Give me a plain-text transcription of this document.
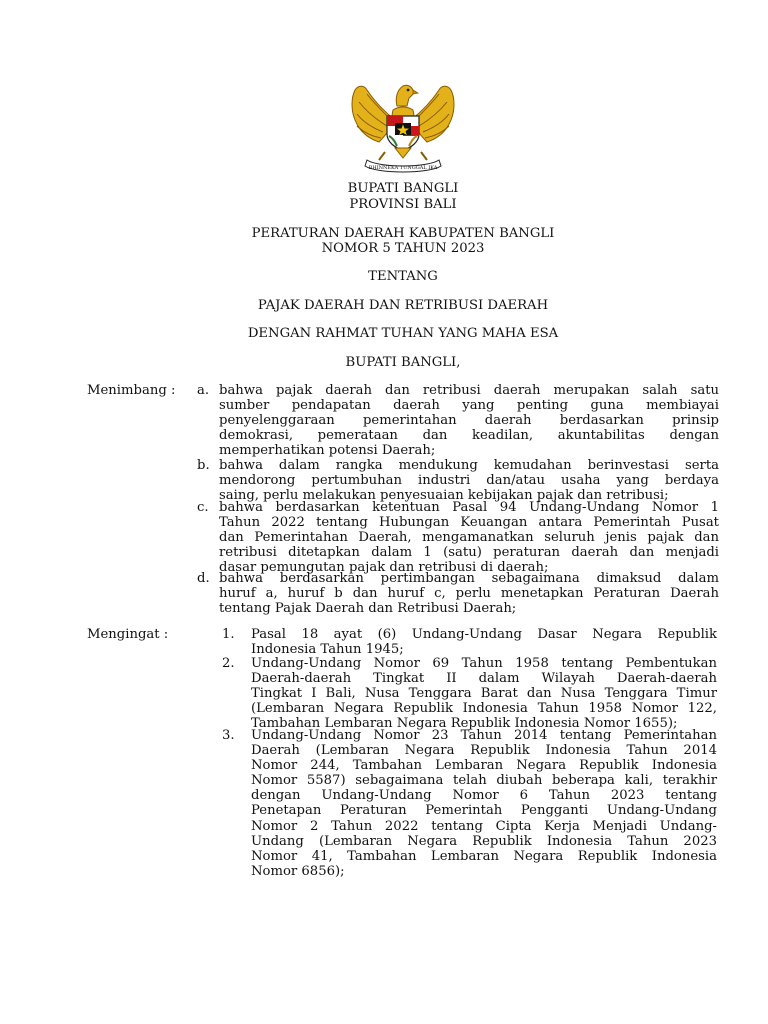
BHINNEKA TUNGGAL IKA
BUPATI BANGLI
PROVINSI BALI
PERATURAN DAERAH KABUPATEN BANGLI
NOMOR 5 TAHUN 2023
TENTANG
PAJAK DAERAH DAN RETRIBUSI DAERAH
DENGAN RAHMAT TUHAN YANG MAHA ESA
BUPATI BANGLI,
Menimbang : a. bahwa pajak daerah dan retribusi daerah merupakan salah satu
sumber pendapatan daerah yang penting guna membiayai
penyelenggaraan pemerintahan daerah berdasarkan prinsip
demokrasi, pemerataan dan keadilan, akuntabilitas dengan
memperhatikan potensi Daerah;
b. bahwa dalam rangka mendukung kemudahan berinvestasi serta
mendorong pertumbuhan industri dan/atau usaha yang berdaya
saing, perlu melakukan penyesuaian kebijakan pajak dan retribusi;
c. bahwa berdasarkan ketentuan Pasal 94 Undang-Undang Nomor 1
Tahun 2022 tentang Hubungan Keuangan antara Pemerintah Pusat
dan Pemerintahan Daerah, mengamanatkan seluruh jenis pajak dan
retribusi ditetapkan dalam 1 (satu) peraturan daerah dan menjadi
dasar pemungutan pajak dan retribusi di daerah;
d. bahwa berdasarkan pertimbangan sebagaimana dimaksud dalam
huruf a, huruf b dan huruf c, perlu menetapkan Peraturan Daerah
tentang Pajak Daerah dan Retribusi Daerah;
Mengingat :	1. Pasal 18 ayat (6) Undang-Undang Dasar Negara Republik
Indonesia Tahun 1945;
2. Undang-Undang Nomor 69 Tahun 1958 tentang Pembentukan
Daerah-daerah Tingkat II dalam Wilayah Daerah-daerah
Tingkat I Bali, Nusa Tenggara Barat dan Nusa Tenggara Timur
(Lembaran Negara Republik Indonesia Tahun 1958 Nomor 122,
Tambahan Lembaran Negara Republik Indonesia Nomor 1655);
3. Undang-Undang Nomor 23 Tahun 2014 tentang Pemerintahan
Daerah (Lembaran Negara Republik Indonesia Tahun 2014
Nomor 244, Tambahan Lembaran Negara Republik Indonesia
Nomor 5587) sebagaimana telah diubah beberapa kali, terakhir
dengan Undang-Undang Nomor 6 Tahun 2023 tentang
Penetapan Peraturan Pemerintah Pengganti Undang-Undang
Nomor 2 Tahun 2022 tentang Cipta Kerja Menjadi Undang-
Undang (Lembaran Negara Republik Indonesia Tahun 2023
Nomor 41, Tambahan Lembaran Negara Republik Indonesia
Nomor 6856);
